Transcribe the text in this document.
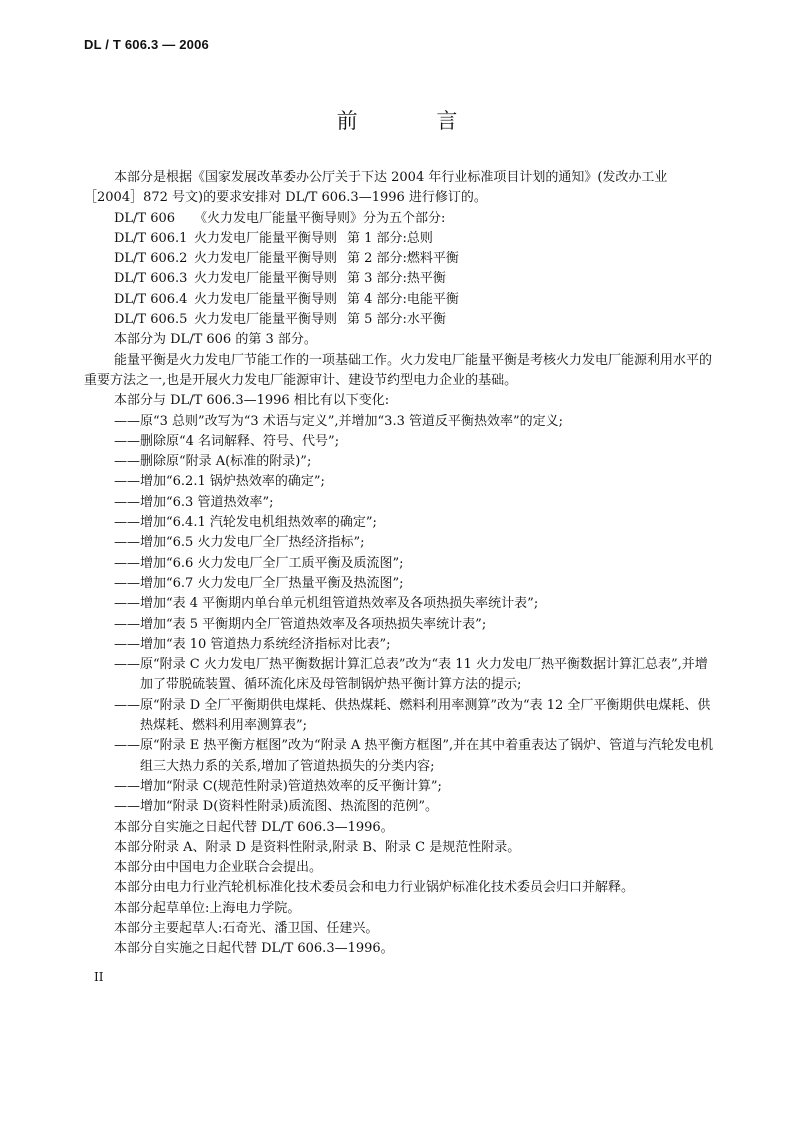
DL / T 606.3 — 2006
前 言

本部分是根据《国家发展改革委办公厅关于下达 2004 年行业标准项目计划的通知》(发改办工业［2004］872 号文)的要求安排对 DL/T 606.3—1996 进行修订的。

DL/T 606	《火力发电厂能量平衡导则》分为五个部分:
DL/T 606.1 火力发电厂能量平衡导则 第 1 部分:总则
DL/T 606.2 火力发电厂能量平衡导则 第 2 部分:燃料平衡
DL/T 606.3 火力发电厂能量平衡导则 第 3 部分:热平衡
DL/T 606.4 火力发电厂能量平衡导则 第 4 部分:电能平衡
DL/T 606.5 火力发电厂能量平衡导则 第 5 部分:水平衡

本部分为 DL/T 606 的第 3 部分。

能量平衡是火力发电厂节能工作的一项基础工作。火力发电厂能量平衡是考核火力发电厂能源利用水平的重要方法之一,也是开展火力发电厂能源审计、建设节约型电力企业的基础。

本部分与 DL/T 606.3—1996 相比有以下变化:

——原“3 总则”改写为“3 术语与定义”,并增加“3.3 管道反平衡热效率”的定义;

——删除原“4 名词解释、符号、代号”;

——删除原“附录 A(标准的附录)”;

——增加“6.2.1 锅炉热效率的确定”;

——增加“6.3 管道热效率”;

——增加“6.4.1 汽轮发电机组热效率的确定”;

——增加“6.5 火力发电厂全厂热经济指标”;

——增加“6.6 火力发电厂全厂工质平衡及质流图”;

——增加“6.7 火力发电厂全厂热量平衡及热流图”;

——增加“表 4 平衡期内单台单元机组管道热效率及各项热损失率统计表”;

——增加“表 5 平衡期内全厂管道热效率及各项热损失率统计表”;

——增加“表 10 管道热力系统经济指标对比表”;

——原“附录 C 火力发电厂热平衡数据计算汇总表”改为“表 11 火力发电厂热平衡数据计算汇总表”,并增加了带脱硫装置、循环流化床及母管制锅炉热平衡计算方法的提示;

——原“附录 D 全厂平衡期供电煤耗、供热煤耗、燃料利用率测算”改为“表 12 全厂平衡期供电煤耗、供热煤耗、燃料利用率测算表”;

——原“附录 E 热平衡方框图”改为“附录 A 热平衡方框图”,并在其中着重表达了锅炉、管道与汽轮发电机组三大热力系的关系,增加了管道热损失的分类内容;

——增加“附录 C(规范性附录)管道热效率的反平衡计算”;

——增加“附录 D(资料性附录)质流图、热流图的范例”。

本部分自实施之日起代替 DL/T 606.3—1996。

本部分附录 A、附录 D 是资料性附录,附录 B、附录 C 是规范性附录。

本部分由中国电力企业联合会提出。

本部分由电力行业汽轮机标准化技术委员会和电力行业锅炉标准化技术委员会归口并解释。

本部分起草单位:上海电力学院。

本部分主要起草人:石奇光、潘卫国、任建兴。

本部分自实施之日起代替 DL/T 606.3—1996。

II
